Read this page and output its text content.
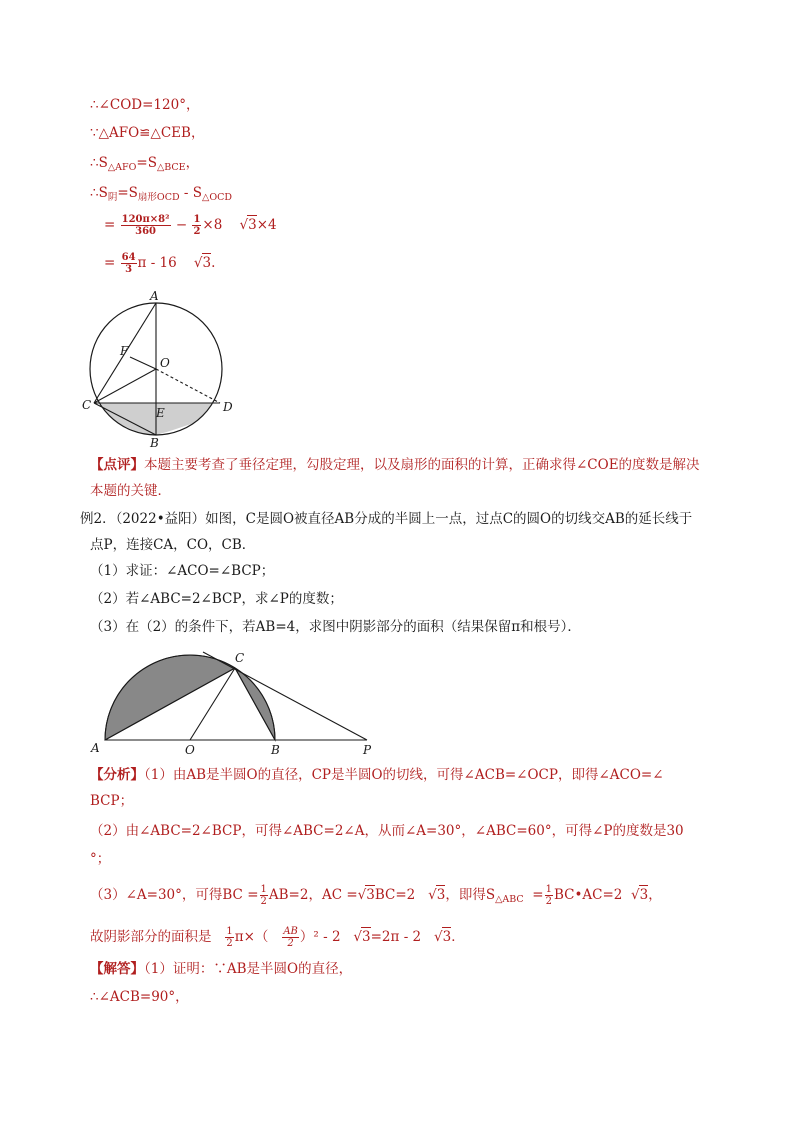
∴∠COD=120°，
∵△AFO≌△CEB，
$\therefore S_{\triangle AFO}=S_{\triangle BCE}$，
$\therefore S_阴=S_{扇形OCD} - S_{\triangle OCD}$
= $\frac{\text{120π×8²}}{360} - \frac{1}{2} \times 8$    √3×4
= $\frac{64}{3}$ π - 16    √3.
A
F
O
C	D
E
B
【点评】本题主要考查了垂径定理，勾股定理，以及扇形的面积的计算，正确求得∠COE的度数是解决
本题的关键．
例2．（2022•益阳）如图，C是圆O被直径AB分成的半圆上一点，过点C的圆O的切线交AB的延长线于
点P，连接CA，CO，CB．
（1）求证：∠ACO=∠BCP；
（2）若∠ABC=2∠BCP，求∠P的度数；
（3）在（2）的条件下，若AB=4，求图中阴影部分的面积（结果保留π和根号）．
C
A	O	B	P
【分析】（1）由AB是半圆O的直径，CP是半圆O的切线，可得∠ACB=∠OCP，即得∠ACO=∠
BCP；
（2）由∠ABC=2∠BCP，可得∠ABC=2∠A，从而∠A=30°，∠ABC=60°，可得∠P的度数是30
°；
（3）∠A=30°，可得BC = $\frac{1}{2} AB=2$，AC =√3BC=2   √3，即得$S_{\triangle ABC} = \frac{1}{2}$ BC•AC=2  √3，
故阴影部分的面积是 $\frac{1}{2} \pi\times( \frac{AB}{2} )^2 - 2$   √3=2π - 2   √3．
【解答】（1）证明：∵AB是半圆O的直径，
∴∠ACB=90°，
